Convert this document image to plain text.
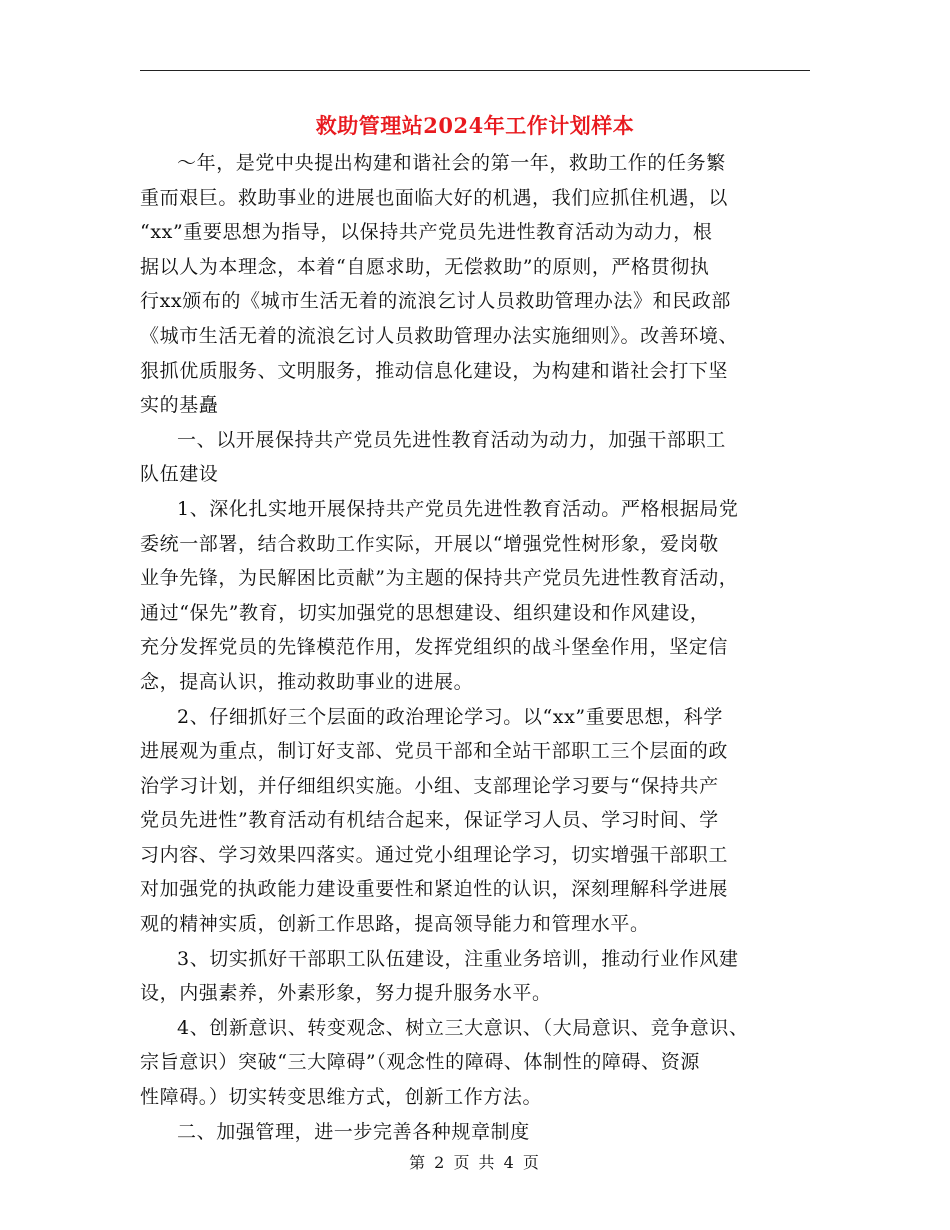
救助管理站2024年工作计划样本
～年，是党中央提出构建和谐社会的第一年，救助工作的任务繁
重而艰巨。救助事业的进展也面临大好的机遇，我们应抓住机遇，以
“xx”重要思想为指导，以保持共产党员先进性教育活动为动力，根
据以人为本理念，本着“自愿求助，无偿救助”的原则，严格贯彻执
行xx颁布的《城市生活无着的流浪乞讨人员救助管理办法》和民政部
《城市生活无着的流浪乞讨人员救助管理办法实施细则》。改善环境、
狠抓优质服务、文明服务，推动信息化建设，为构建和谐社会打下坚
实的基矗
一、以开展保持共产党员先进性教育活动为动力，加强干部职工
队伍建设
1、深化扎实地开展保持共产党员先进性教育活动。严格根据局党
委统一部署，结合救助工作实际，开展以“增强党性树形象，爱岗敬
业争先锋，为民解困比贡献”为主题的保持共产党员先进性教育活动，
通过“保先”教育，切实加强党的思想建设、组织建设和作风建设，
充分发挥党员的先锋模范作用，发挥党组织的战斗堡垒作用，坚定信
念，提高认识，推动救助事业的进展。
2、仔细抓好三个层面的政治理论学习。以“xx”重要思想，科学
进展观为重点，制订好支部、党员干部和全站干部职工三个层面的政
治学习计划，并仔细组织实施。小组、支部理论学习要与“保持共产
党员先进性”教育活动有机结合起来，保证学习人员、学习时间、学
习内容、学习效果四落实。通过党小组理论学习，切实增强干部职工
对加强党的执政能力建设重要性和紧迫性的认识，深刻理解科学进展
观的精神实质，创新工作思路，提高领导能力和管理水平。
3、切实抓好干部职工队伍建设，注重业务培训，推动行业作风建
设，内强素养，外素形象，努力提升服务水平。
4、创新意识、转变观念、树立三大意识、（大局意识、竞争意识、
宗旨意识）突破“三大障碍”（观念性的障碍、体制性的障碍、资源
性障碍。）切实转变思维方式，创新工作方法。
二、加强管理，进一步完善各种规章制度
第 2 页 共 4 页
